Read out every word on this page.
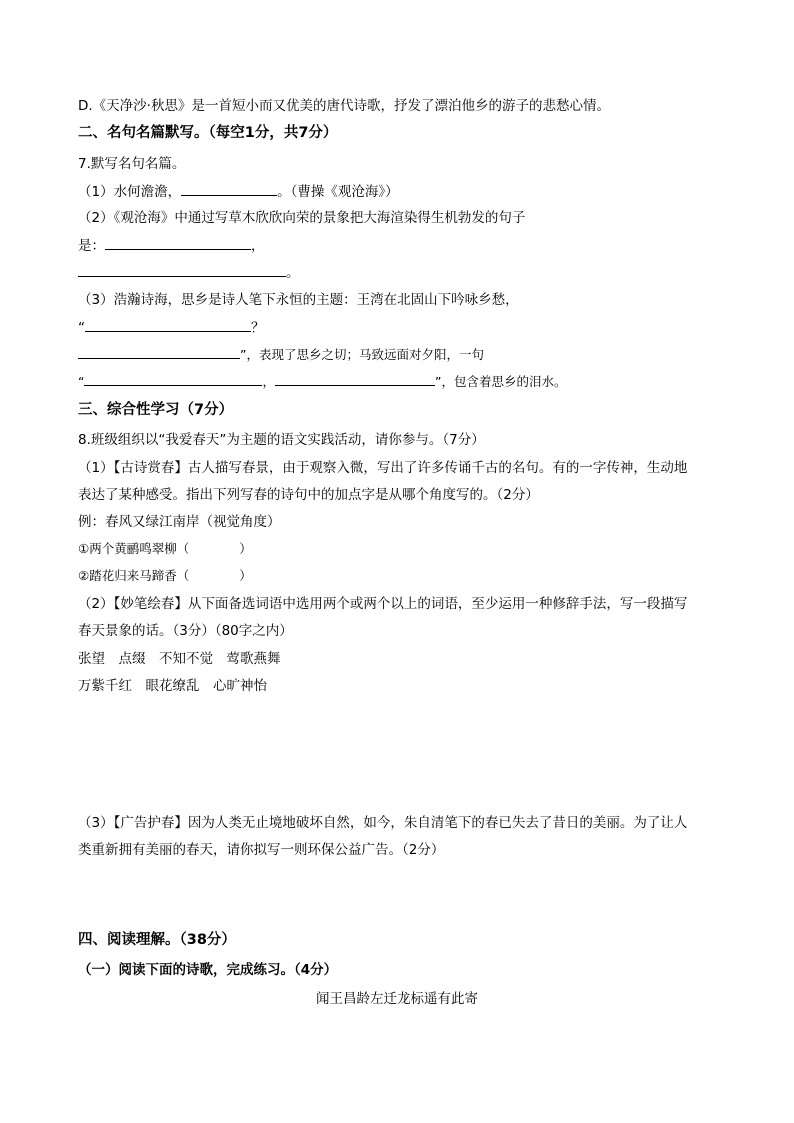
D.《天净沙·秋思》是一首短小而又优美的唐代诗歌，抒发了漂泊他乡的游子的悲愁心情。
二、名句名篇默写。（每空1分，共7分）
7.默写名句名篇。
（1）水何澹澹，	。（曹操《观沧海》）
（2）《观沧海》中通过写草木欣欣向荣的景象把大海渲染得生机勃发的句子
是：	，
。
（3）浩瀚诗海，思乡是诗人笔下永恒的主题：王湾在北固山下吟咏乡愁，
“	？
”，表现了思乡之切；马致远面对夕阳，一句
“	，	”，包含着思乡的泪水。
三、综合性学习（7分）
8.班级组织以“我爱春天”为主题的语文实践活动，请你参与。（7分）
（1）【古诗赏春】古人描写春景，由于观察入微，写出了许多传诵千古的名句。有的一字传神，生动地
表达了某种感受。指出下列写春的诗句中的加点字是从哪个角度写的。（2分）
例：春风又绿江南岸（视觉角度）
①两个黄鹂鸣翠柳（　　　　）
②踏花归来马蹄香（　　　　）
（2）【妙笔绘春】从下面备选词语中选用两个或两个以上的词语，至少运用一种修辞手法，写一段描写
春天景象的话。（3分）（80字之内）
张望　点缀　不知不觉　莺歌燕舞
万紫千红　眼花缭乱　心旷神怡
（3）【广告护春】因为人类无止境地破坏自然，如今，朱自清笔下的春已失去了昔日的美丽。为了让人
类重新拥有美丽的春天，请你拟写一则环保公益广告。（2分）
四、阅读理解。（38分）
（一）阅读下面的诗歌，完成练习。（4分）
闻王昌龄左迁龙标遥有此寄
